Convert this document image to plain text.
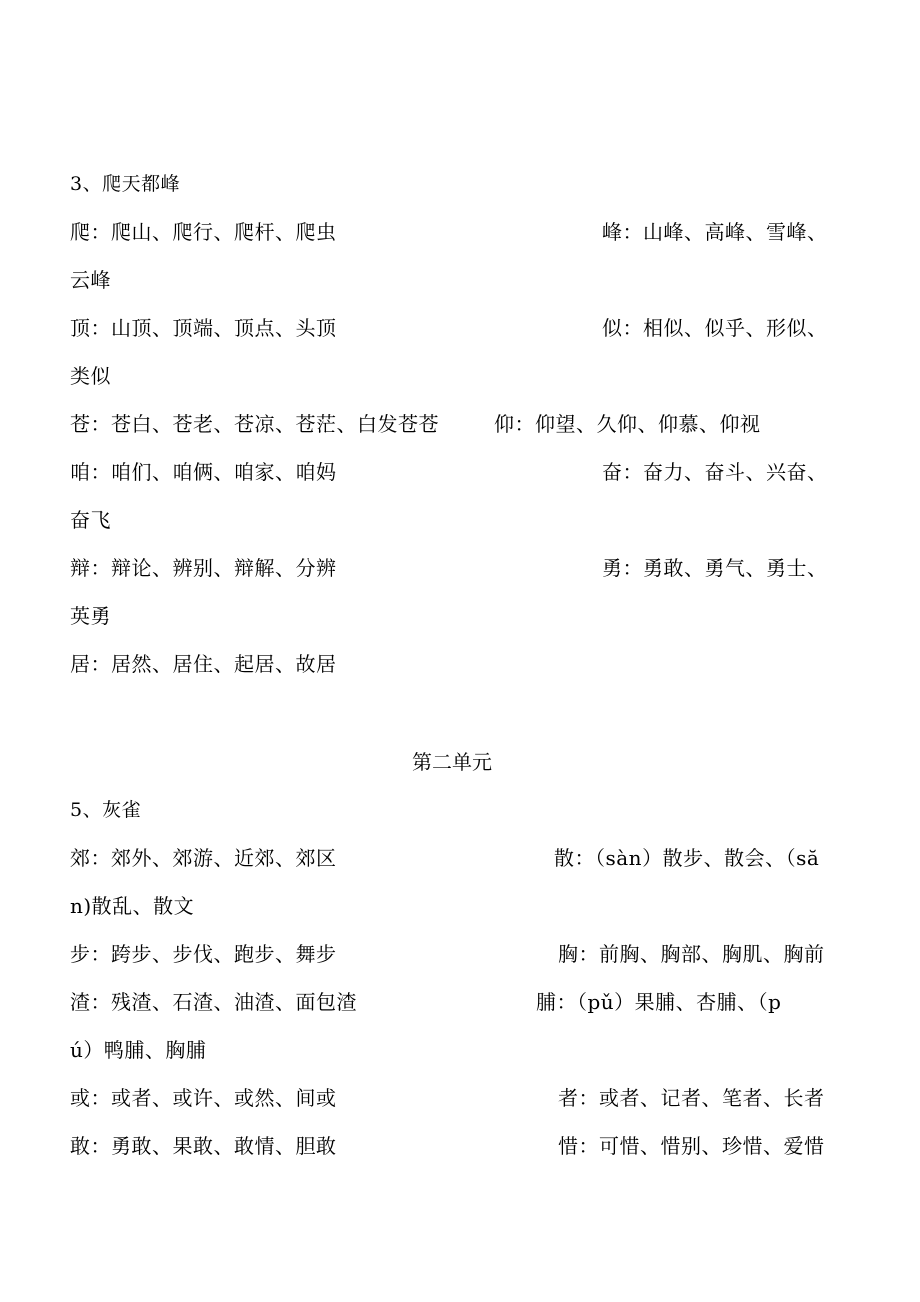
3、爬天都峰
爬：爬山、爬行、爬杆、爬虫	峰：山峰、高峰、雪峰、
云峰
顶：山顶、顶端、顶点、头顶	似：相似、似乎、形似、
类似
苍：苍白、苍老、苍凉、苍茫、白发苍苍	仰：仰望、久仰、仰慕、仰视
咱：咱们、咱俩、咱家、咱妈	奋：奋力、奋斗、兴奋、
奋飞
辩：辩论、辨别、辩解、分辨	勇：勇敢、勇气、勇士、
英勇
居：居然、居住、起居、故居
第二单元
5、灰雀
郊：郊外、郊游、近郊、郊区	散：（sàn）散步、散会、（să
n)散乱、散文
步：跨步、步伐、跑步、舞步	胸：前胸、胸部、胸肌、胸前
渣：残渣、石渣、油渣、面包渣	脯：（pǔ）果脯、杏脯、（p
ú）鸭脯、胸脯
或：或者、或许、或然、间或	者：或者、记者、笔者、长者
敢：勇敢、果敢、敢情、胆敢	惜：可惜、惜别、珍惜、爱惜
